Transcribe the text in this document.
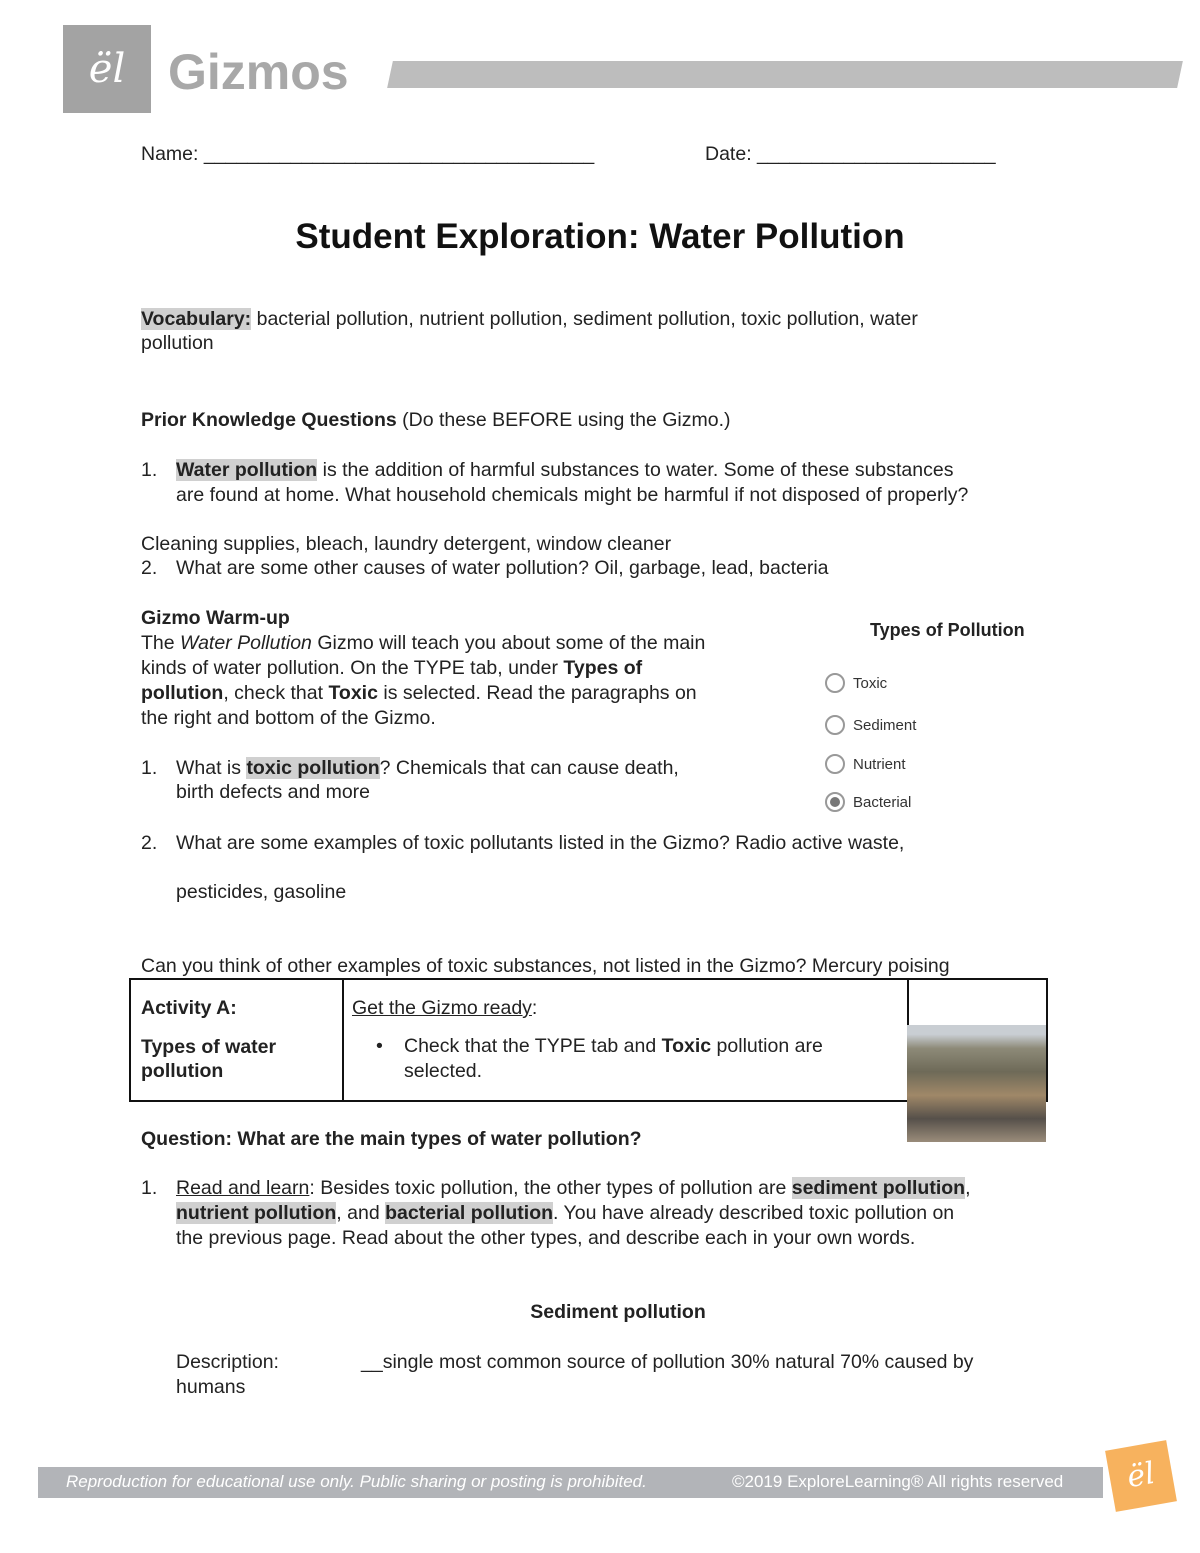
ël Gizmos
Name: ____________________________________	Date: ______________________
Student Exploration: Water Pollution
Vocabulary: bacterial pollution, nutrient pollution, sediment pollution, toxic pollution, water
pollution
Prior Knowledge Questions (Do these BEFORE using the Gizmo.)
1. Water pollution is the addition of harmful substances to water. Some of these substances
are found at home. What household chemicals might be harmful if not disposed of properly?
Cleaning supplies, bleach, laundry detergent, window cleaner
2. What are some other causes of water pollution? Oil, garbage, lead, bacteria
Gizmo Warm-up
The Water Pollution Gizmo will teach you about some of the main
kinds of water pollution. On the TYPE tab, under Types of
pollution, check that Toxic is selected. Read the paragraphs on
the right and bottom of the Gizmo.
1. What is toxic pollution? Chemicals that can cause death,
birth defects and more
2. What are some examples of toxic pollutants listed in the Gizmo? Radio active waste,
pesticides, gasoline
Can you think of other examples of toxic substances, not listed in the Gizmo? Mercury poising
Types of Pollution
Toxic
Sediment
Nutrient
Bacterial
Activity A:
Types of water
pollution
Get the Gizmo ready:
• Check that the TYPE tab and Toxic pollution are
selected.
Question: What are the main types of water pollution?
1. Read and learn: Besides toxic pollution, the other types of pollution are sediment pollution,
nutrient pollution, and bacterial pollution. You have already described toxic pollution on
the previous page. Read about the other types, and describe each in your own words.
Sediment pollution
Description:	__single most common source of pollution 30% natural 70% caused by
humans
Reproduction for educational use only. Public sharing or posting is prohibited.	©2019 ExploreLearning® All rights reserved	ël
